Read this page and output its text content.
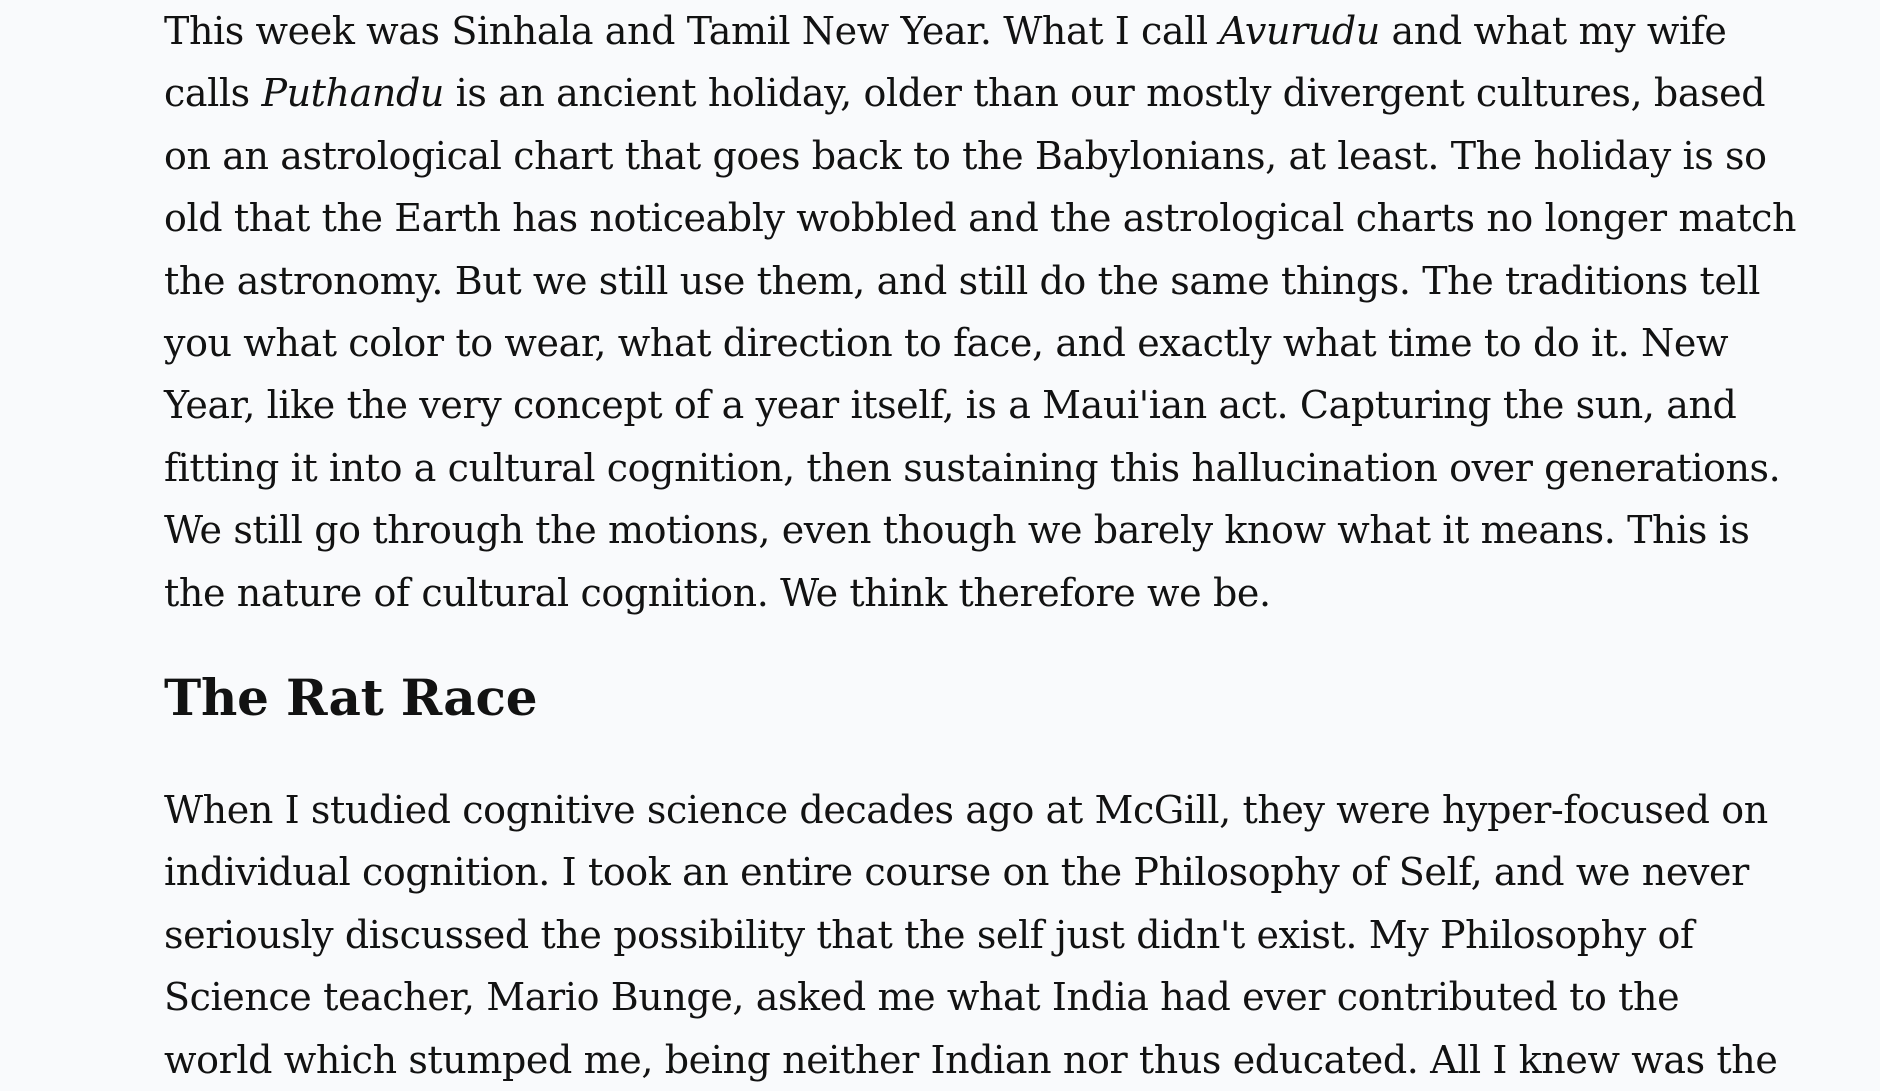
This week was Sinhala and Tamil New Year. What I call Avurudu and what my wife
calls Puthandu is an ancient holiday, older than our mostly divergent cultures, based
on an astrological chart that goes back to the Babylonians, at least. The holiday is so
old that the Earth has noticeably wobbled and the astrological charts no longer match
the astronomy. But we still use them, and still do the same things. The traditions tell
you what color to wear, what direction to face, and exactly what time to do it. New
Year, like the very concept of a year itself, is a Maui'ian act. Capturing the sun, and
fitting it into a cultural cognition, then sustaining this hallucination over generations.
We still go through the motions, even though we barely know what it means. This is
the nature of cultural cognition. We think therefore we be.

The Rat Race

When I studied cognitive science decades ago at McGill, they were hyper-focused on
individual cognition. I took an entire course on the Philosophy of Self, and we never
seriously discussed the possibility that the self just didn't exist. My Philosophy of
Science teacher, Mario Bunge, asked me what India had ever contributed to the
world which stumped me, being neither Indian nor thus educated. All I knew was the
